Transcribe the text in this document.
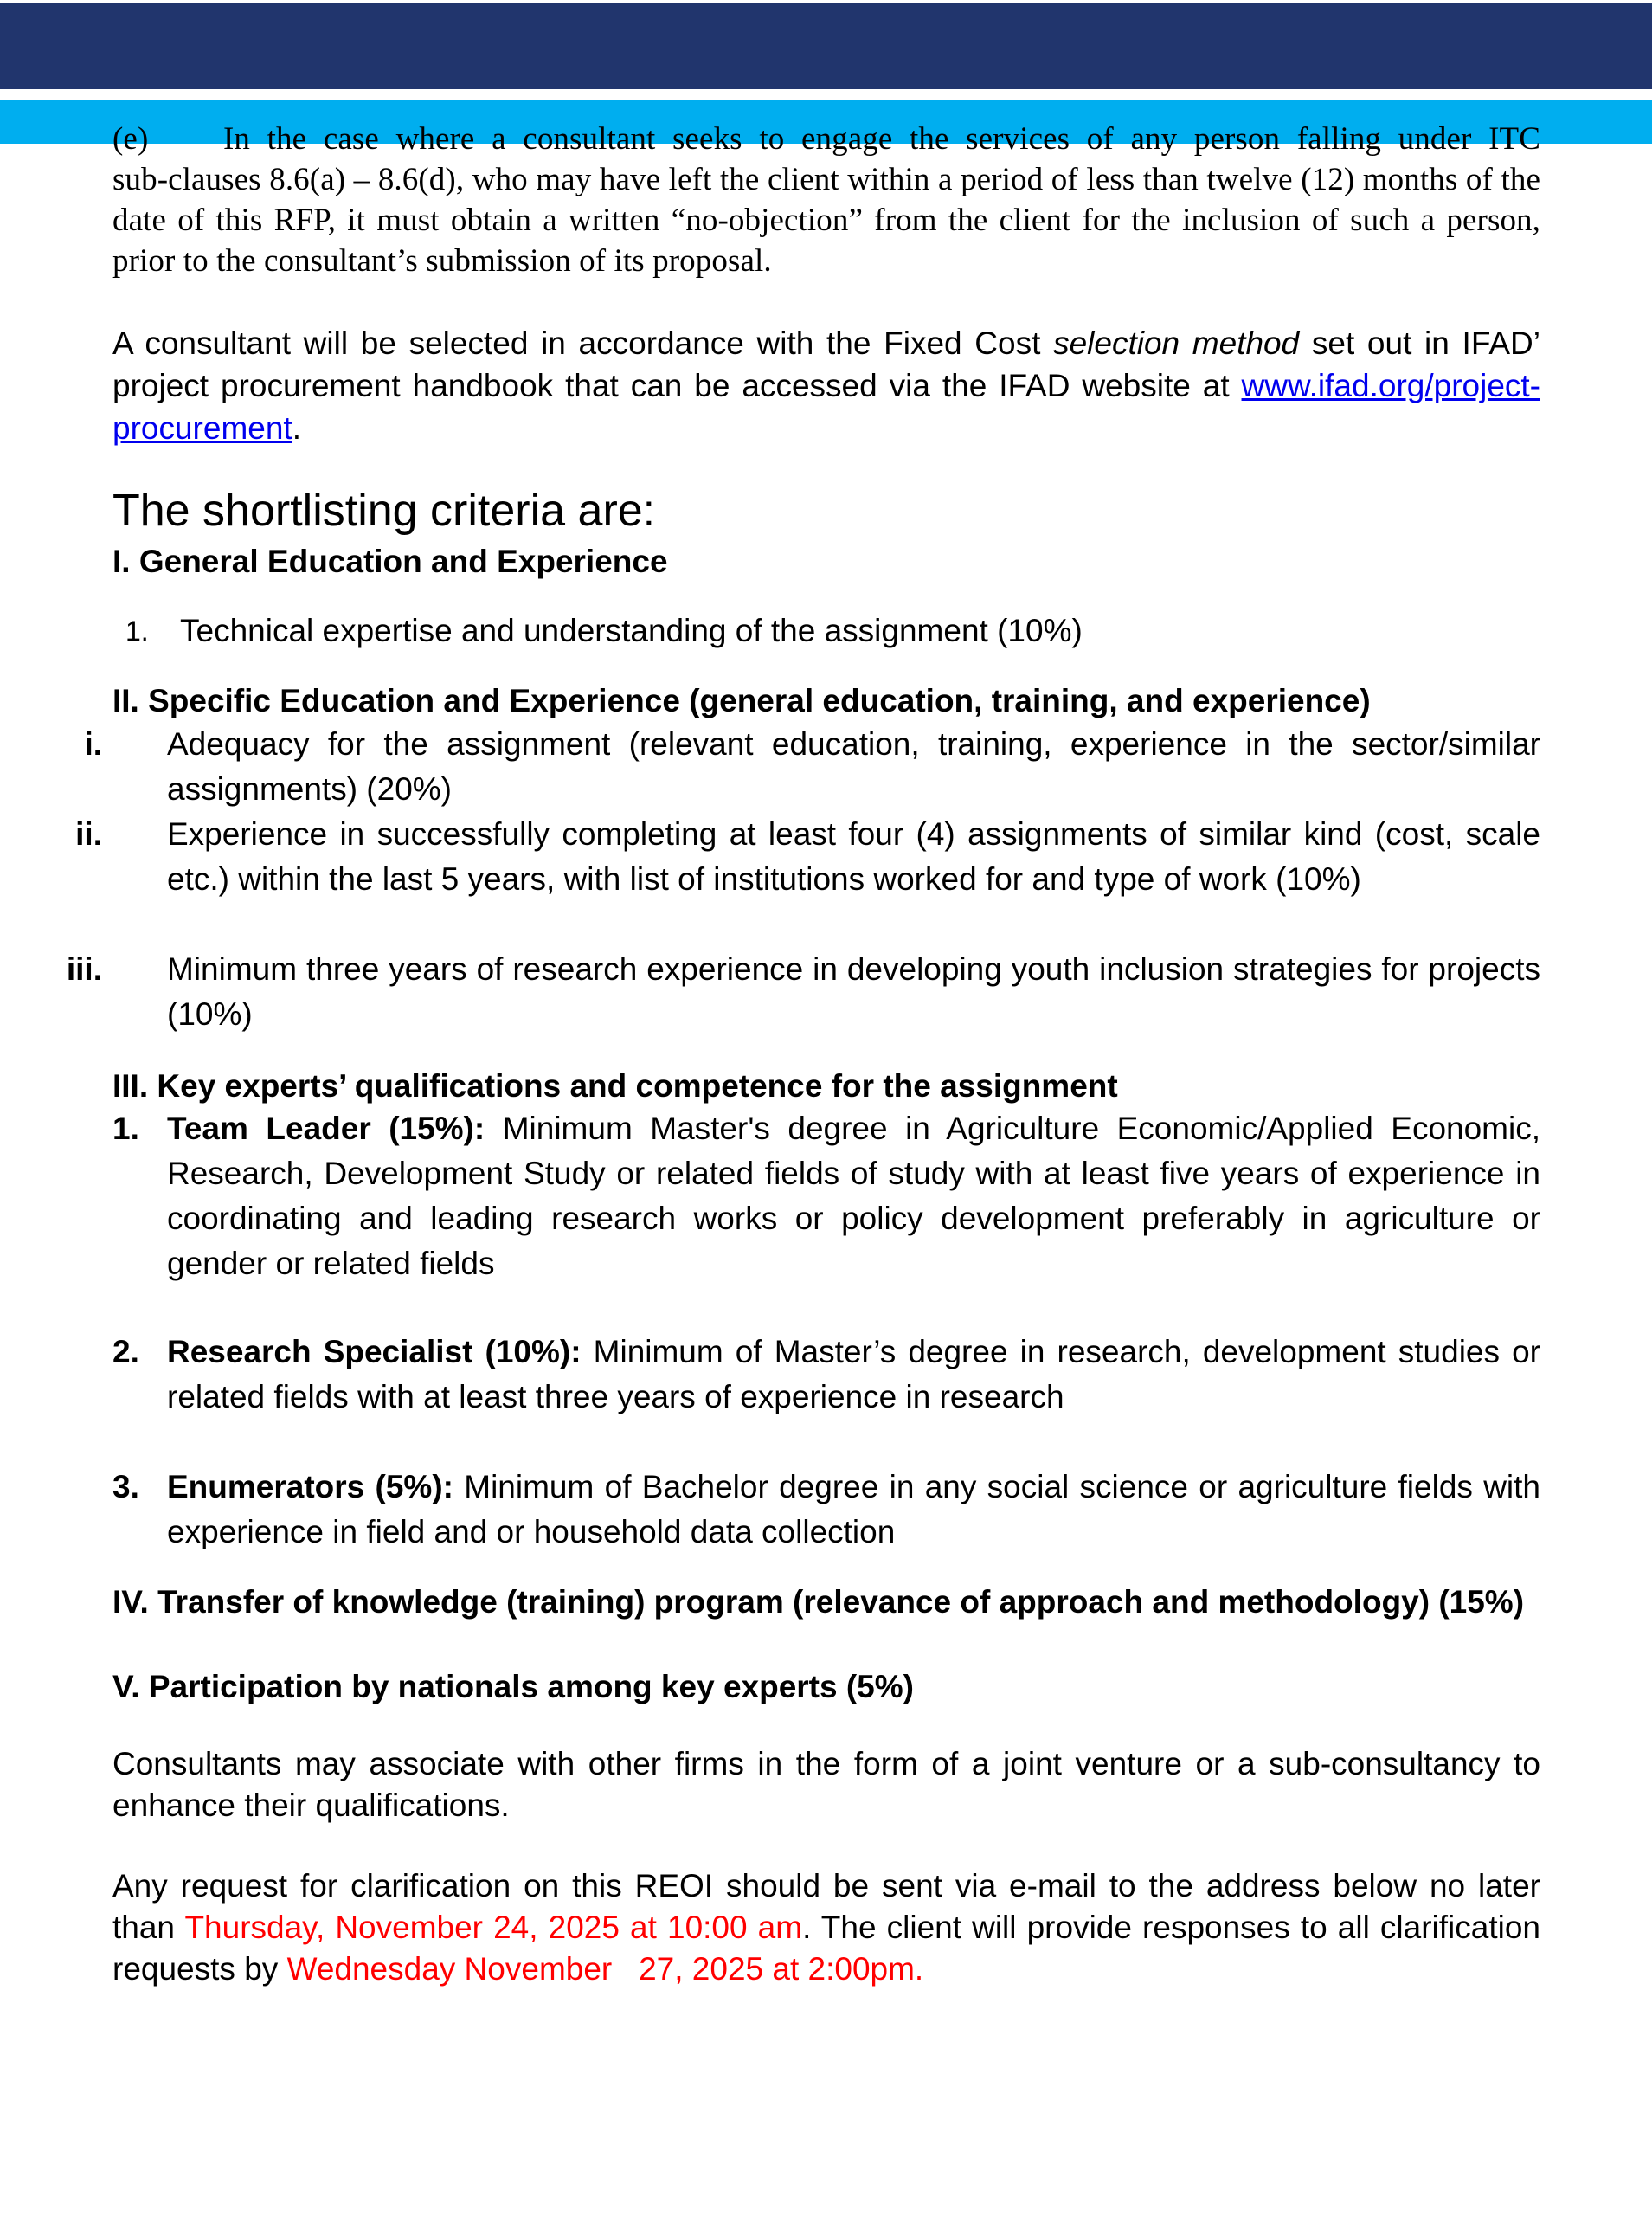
(e) In the case where a consultant seeks to engage the services of any person falling under ITC
sub-clauses 8.6(a) – 8.6(d), who may have left the client within a period of less than twelve (12) months of the date of this RFP, it must obtain a written “no-objection” from the client for the inclusion of such a person, prior to the consultant’s submission of its proposal.
A consultant will be selected in accordance with the Fixed Cost selection method set out in IFAD’ project procurement handbook that can be accessed via the IFAD website at www.ifad.org/project-procurement.
The shortlisting criteria are:
I. General Education and Experience
1. Technical expertise and understanding of the assignment (10%)
II. Specific Education and Experience (general education, training, and experience)
i. Adequacy for the assignment (relevant education, training, experience in the sector/similar assignments) (20%)
ii. Experience in successfully completing at least four (4) assignments of similar kind (cost, scale etc.) within the last 5 years, with list of institutions worked for and type of work (10%)
iii. Minimum three years of research experience in developing youth inclusion strategies for projects (10%)
III. Key experts’ qualifications and competence for the assignment
1. Team Leader (15%): Minimum Master's degree in Agriculture Economic/Applied Economic, Research, Development Study or related fields of study with at least five years of experience in coordinating and leading research works or policy development preferably in agriculture or gender or related fields
2. Research Specialist (10%): Minimum of Master’s degree in research, development studies or related fields with at least three years of experience in research
3. Enumerators (5%): Minimum of Bachelor degree in any social science or agriculture fields with experience in field and or household data collection
IV. Transfer of knowledge (training) program (relevance of approach and methodology) (15%)
V. Participation by nationals among key experts (5%)
Consultants may associate with other firms in the form of a joint venture or a sub-consultancy to enhance their qualifications.
Any request for clarification on this REOI should be sent via e-mail to the address below no later than Thursday, November 24, 2025 at 10:00 am. The client will provide responses to all clarification requests by Wednesday November   27, 2025 at 2:00pm.
